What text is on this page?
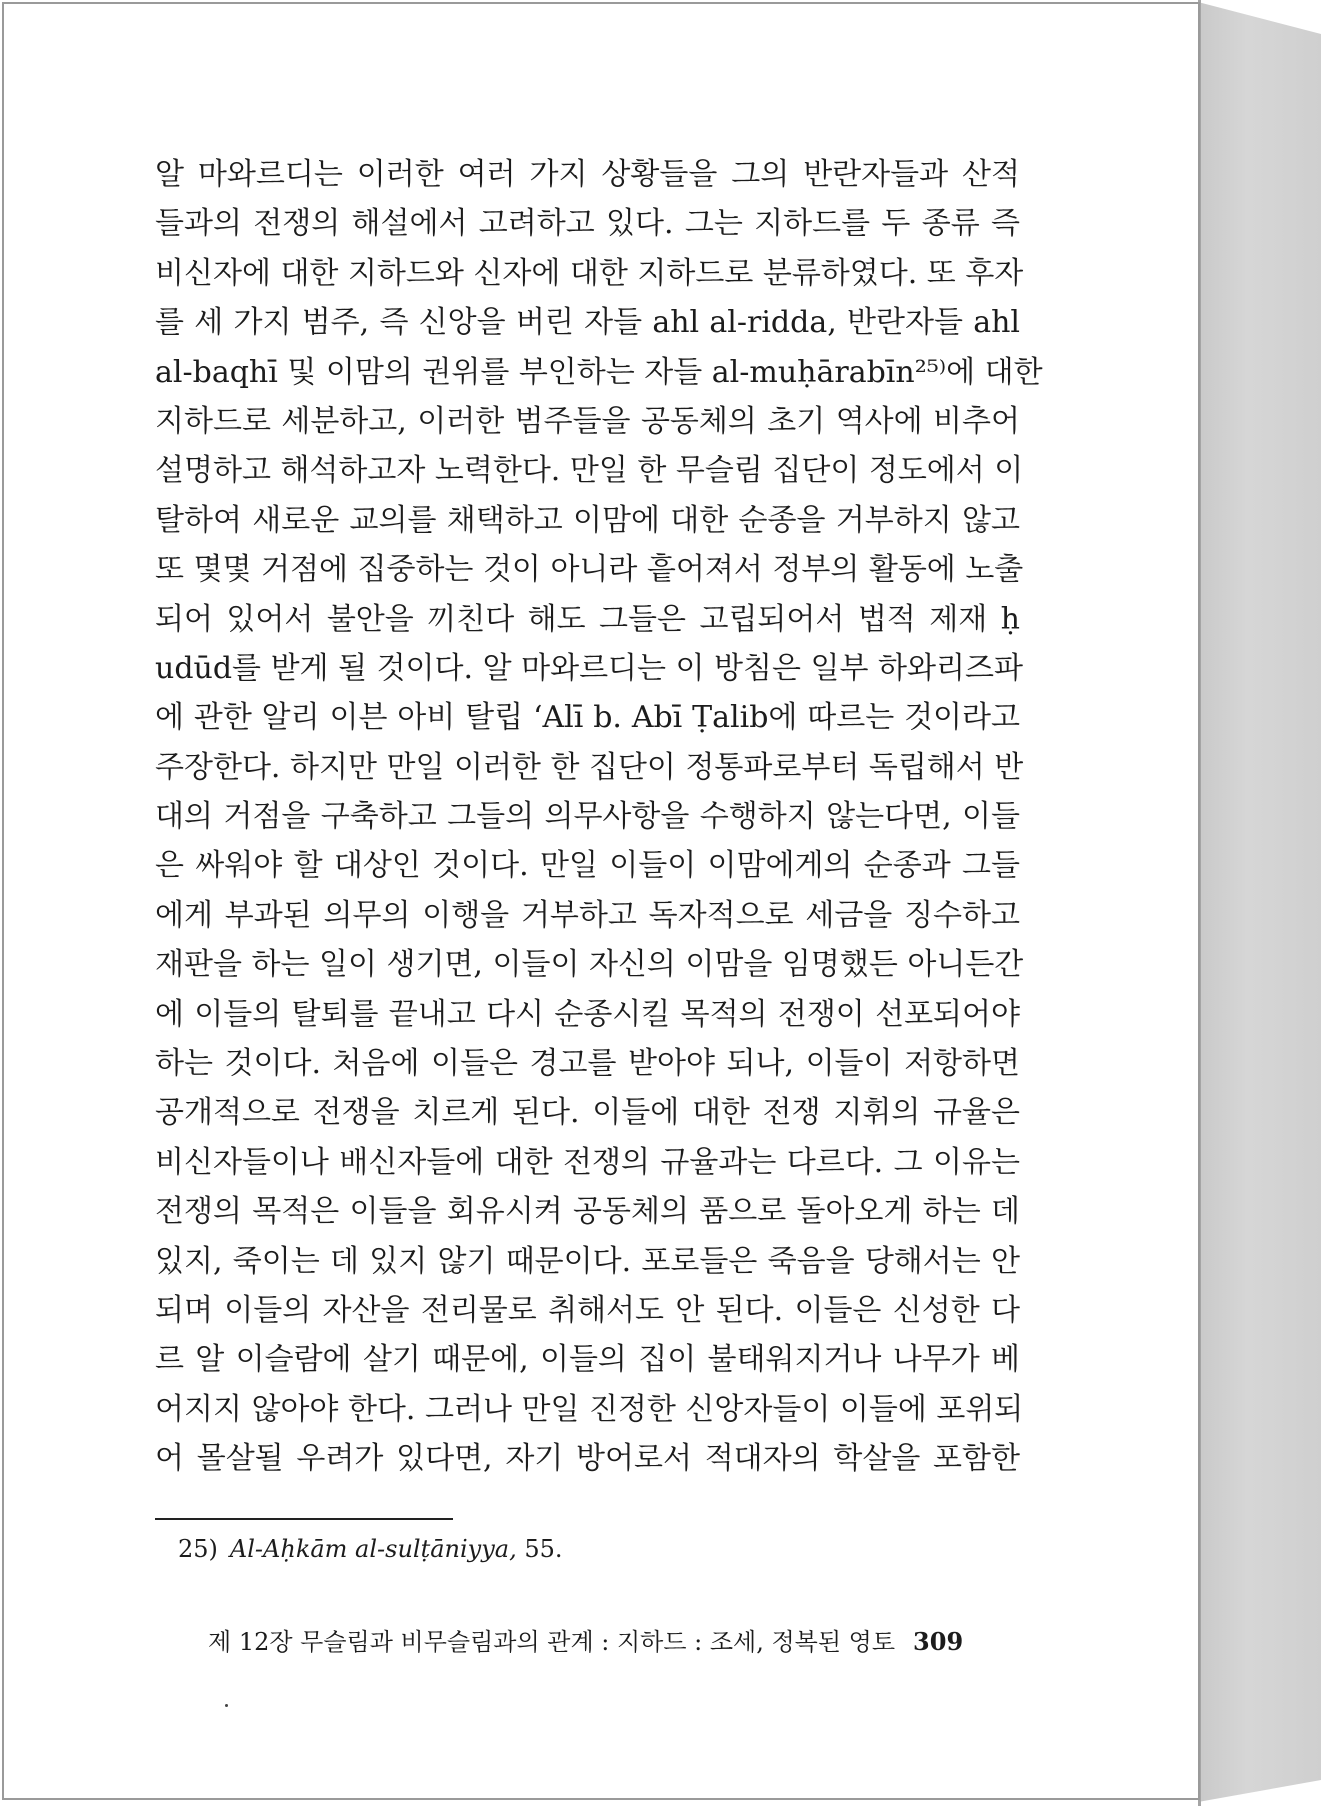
알 마와르디는 이러한 여러 가지 상황들을 그의 반란자들과 산적
들과의 전쟁의 해설에서 고려하고 있다. 그는 지하드를 두 종류 즉
비신자에 대한 지하드와 신자에 대한 지하드로 분류하였다. 또 후자
를 세 가지 범주, 즉 신앙을 버린 자들 ahl al-ridda, 반란자들 ahl
al-baqhī 및 이맘의 권위를 부인하는 자들 al-muḥārabīn²⁵⁾에 대한
지하드로 세분하고, 이러한 범주들을 공동체의 초기 역사에 비추어
설명하고 해석하고자 노력한다. 만일 한 무슬림 집단이 정도에서 이
탈하여 새로운 교의를 채택하고 이맘에 대한 순종을 거부하지 않고
또 몇몇 거점에 집중하는 것이 아니라 흩어져서 정부의 활동에 노출
되어 있어서 불안을 끼친다 해도 그들은 고립되어서 법적 제재 ḥ
udūd를 받게 될 것이다. 알 마와르디는 이 방침은 일부 하와리즈파
에 관한 알리 이븐 아비 탈립 ‘Alī b. Abī Ṭalib에 따르는 것이라고
주장한다. 하지만 만일 이러한 한 집단이 정통파로부터 독립해서 반
대의 거점을 구축하고 그들의 의무사항을 수행하지 않는다면, 이들
은 싸워야 할 대상인 것이다. 만일 이들이 이맘에게의 순종과 그들
에게 부과된 의무의 이행을 거부하고 독자적으로 세금을 징수하고
재판을 하는 일이 생기면, 이들이 자신의 이맘을 임명했든 아니든간
에 이들의 탈퇴를 끝내고 다시 순종시킬 목적의 전쟁이 선포되어야
하는 것이다. 처음에 이들은 경고를 받아야 되나, 이들이 저항하면
공개적으로 전쟁을 치르게 된다. 이들에 대한 전쟁 지휘의 규율은
비신자들이나 배신자들에 대한 전쟁의 규율과는 다르다. 그 이유는
전쟁의 목적은 이들을 회유시켜 공동체의 품으로 돌아오게 하는 데
있지, 죽이는 데 있지 않기 때문이다. 포로들은 죽음을 당해서는 안
되며 이들의 자산을 전리물로 취해서도 안 된다. 이들은 신성한 다
르 알 이슬람에 살기 때문에, 이들의 집이 불태워지거나 나무가 베
어지지 않아야 한다. 그러나 만일 진정한 신앙자들이 이들에 포위되
어 몰살될 우려가 있다면, 자기 방어로서 적대자의 학살을 포함한
25) Al-Aḥkām al-sulṭāniyya, 55.
제 12장 무슬림과 비무슬림과의 관계 : 지하드 : 조세, 정복된 영토 309
